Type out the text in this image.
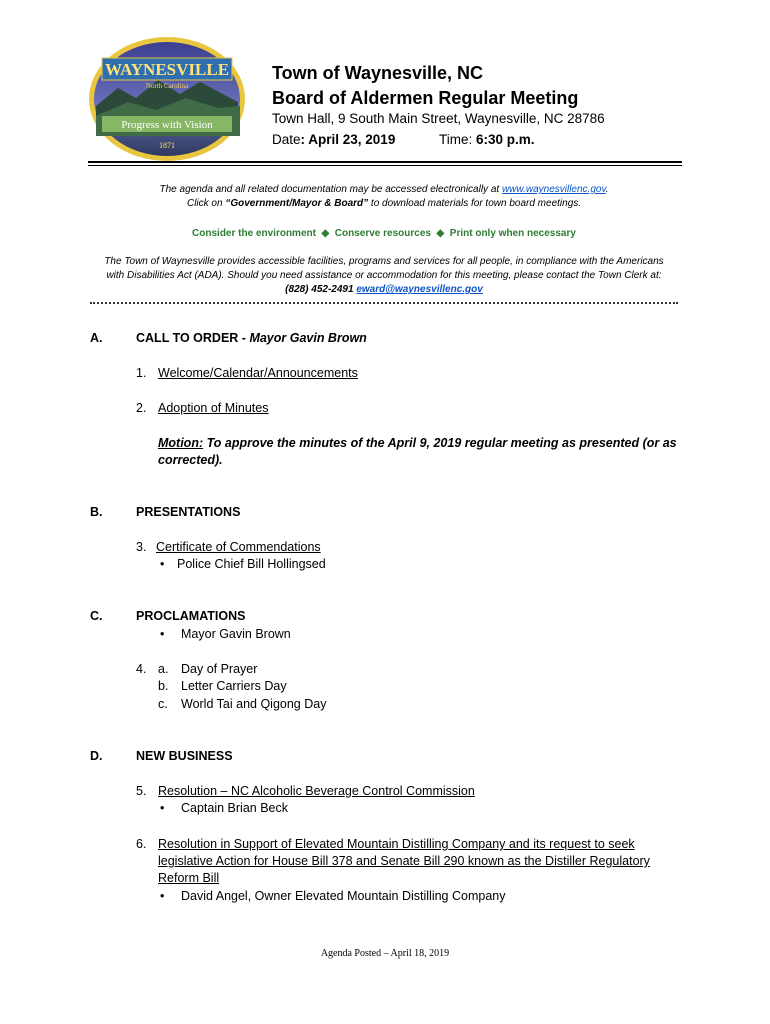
WAYNESVILLE
North Carolina
Progress with Vision
1871
Town of Waynesville, NC
Board of Aldermen Regular Meeting
Town Hall, 9 South Main Street, Waynesville, NC 28786
Date: April 23, 2019	Time: 6:30 p.m.
The agenda and all related documentation may be accessed electronically at www.waynesvillenc.gov.
Click on “Government/Mayor & Board” to download materials for town board meetings.
Consider the environment ◆ Conserve resources ◆ Print only when necessary
The Town of Waynesville provides accessible facilities, programs and services for all people, in compliance with the Americans
with Disabilities Act (ADA). Should you need assistance or accommodation for this meeting, please contact the Town Clerk at:
(828) 452-2491 eward@waynesvillenc.gov
A.	CALL TO ORDER - Mayor Gavin Brown
1. Welcome/Calendar/Announcements
2. Adoption of Minutes
Motion: To approve the minutes of the April 9, 2019 regular meeting as presented (or as corrected).
B.	PRESENTATIONS
3. Certificate of Commendations
• Police Chief Bill Hollingsed
C.	PROCLAMATIONS
• Mayor Gavin Brown
4. a. Day of Prayer
b. Letter Carriers Day
c. World Tai and Qigong Day
D.	NEW BUSINESS
5. Resolution – NC Alcoholic Beverage Control Commission
• Captain Brian Beck
6. Resolution in Support of Elevated Mountain Distilling Company and its request to seek
legislative Action for House Bill 378 and Senate Bill 290 known as the Distiller Regulatory
Reform Bill
• David Angel, Owner Elevated Mountain Distilling Company
Agenda Posted – April 18, 2019
